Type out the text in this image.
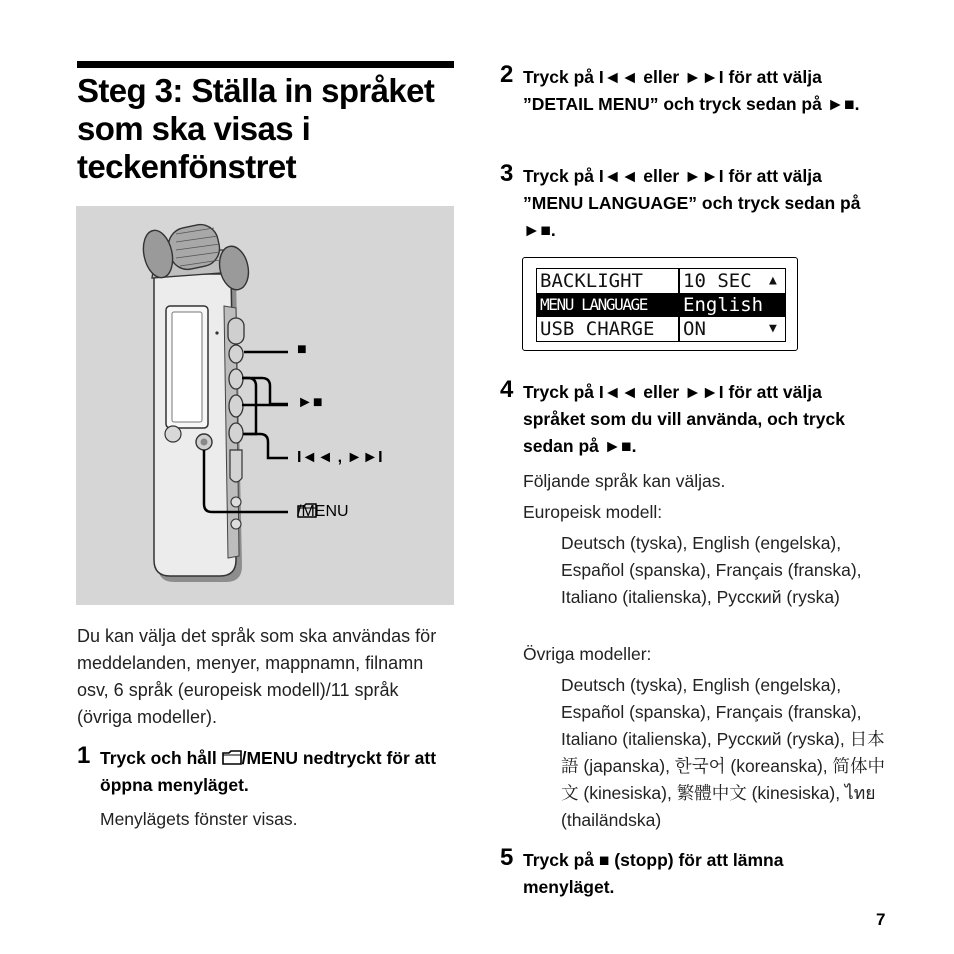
Steg 3: Ställa in språket som ska visas i teckenfönstret
■
►■
I◄◄ , ►►I
/MENU

Du kan välja det språk som ska användas för meddelanden, menyer, mappnamn, filnamn osv, 6 språk (europeisk modell)/11 språk (övriga modeller).

1 Tryck och håll /MENU nedtryckt för att öppna menyläget.

Menylägets fönster visas.

2 Tryck på I◄◄ eller ►►I för att välja ”DETAIL MENU” och tryck sedan på ►■.

3 Tryck på I◄◄ eller ►►I för att välja ”MENU LANGUAGE” och tryck sedan på ►■.

BACKLIGHT	10 SEC	▲
MENU LANGUAGE	English
USB CHARGE	ON	▼
4 Tryck på I◄◄ eller ►►I för att välja språket som du vill använda, och tryck sedan på ►■.

Följande språk kan väljas.

Europeisk modell:

Deutsch (tyska), English (engelska), Español (spanska), Français (franska), Italiano (italienska), Русский (ryska)

Övriga modeller:

Deutsch (tyska), English (engelska), Español (spanska), Français (franska), Italiano (italienska), Русский (ryska), 日本語 (japanska), 한국어 (koreanska), 简体中文 (kinesiska), 繁體中文 (kinesiska), ไทย (thailändska)

5 Tryck på ■ (stopp) för att lämna menyläget.

7
